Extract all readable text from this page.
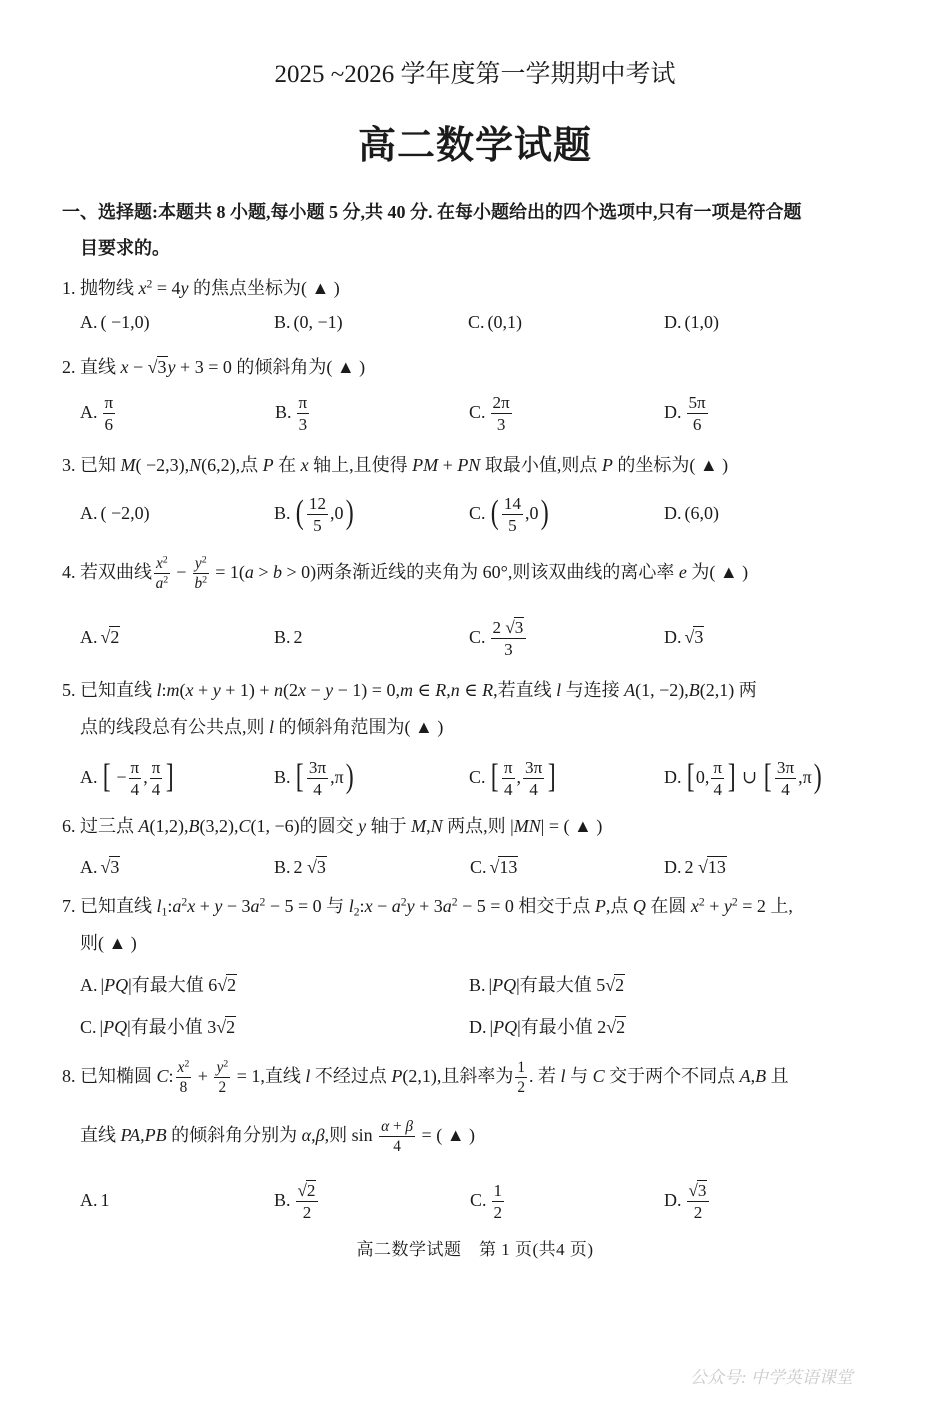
2025 ~2026 学年度第一学期期中考试
高二数学试题
一、选择题:本题共 8 小题,每小题 5 分,共 40 分. 在每小题给出的四个选项中,只有一项是符合题
目要求的。
1. 抛物线 $x^2 = 4y$ 的焦点坐标为( ▲ )
A. ( −1,0)	B. (0, −1)	C. (0,1)	D. (1,0)
2. 直线 x − √ 3y + 3 = 0 的倾斜角为( ▲ )
A. $\frac{\pi}{6}$	B. $\frac{\pi}{3}$	C. $\frac{2\pi}{3}$	D. $\frac{5\pi}{6}$
3. 已知 M( −2,3),N(6,2),点 P 在 x 轴上,且使得 PM + PN 取最小值,则点 P 的坐标为( ▲ )
A. ( −2,0)	B. ( $\frac{12}{5} ,0$)	C. ( $\frac{14}{5} ,0$)	D. (6,0)
4. 若双曲线 $\frac{x^2}{a^2} - \frac{y^2}{b^2} = 1(a > b > 0)$两条渐近线的夹角为 60°,则该双曲线的离心率 e 为( ▲ )
A. √ 2	B. 2	C. $\frac{2 √ 3}{3}$	D. √ 3
5. 已知直线 l:m(x + y + 1) + n(2x − y − 1) = 0,m ∈ R,n ∈ R,若直线 l 与连接 A(1, −2),B(2,1) 两
点的线段总有公共点,则 l 的倾斜角范围为( ▲ )
A. [ − $\frac{\pi}{4}$ , $\frac{\pi}{4}$ ]	B. [ $\frac{3\pi}{4} ,\pi$)	C. [ $\frac{\pi}{4}$ , $\frac{3\pi}{4}$ ]	D. [0, $\frac{\pi}{4}$ ] ∪ [ $\frac{3\pi}{4} ,\pi$)
6. 过三点 A(1,2),B(3,2),C(1, −6)的圆交 y 轴于 M,N 两点,则 |MN| = ( ▲ )
A. √ 3	B. 2 √ 3	C. √ 13	D. 2 √ 13
7. 已知直线 $l_1:a^2x + y - 3a^2 - 5 = 0$ 与 $l_2:x - a^2y + 3a^2 - 5 = 0$ 相交于点 P,点 Q 在圆 $x^2 + y^2 = 2$ 上,
则( ▲ )
A. |PQ|有最大值 6 √ 2	B. |PQ|有最大值 5 √ 2
C. |PQ|有最小值 3 √ 2	D. |PQ|有最小值 2 √ 2
8. 已知椭圆 C: $\frac{x^2}{8} + \frac{y^2}{2} = 1$,直线 l 不经过点 P(2,1),且斜率为 $\frac{1}{2}$ . 若 l 与 C 交于两个不同点 A,B 且
直线 PA,PB 的倾斜角分别为 α,β,则 $\sin \frac{\alpha + \beta}{4}$ = ( ▲ )
A. 1	B. √ $\frac{2}{2}$	C. $\frac{1}{2}$	D. √ $\frac{3}{2}$
高二数学试题　第 1 页(共4 页)
公众号: 中学英语课堂
